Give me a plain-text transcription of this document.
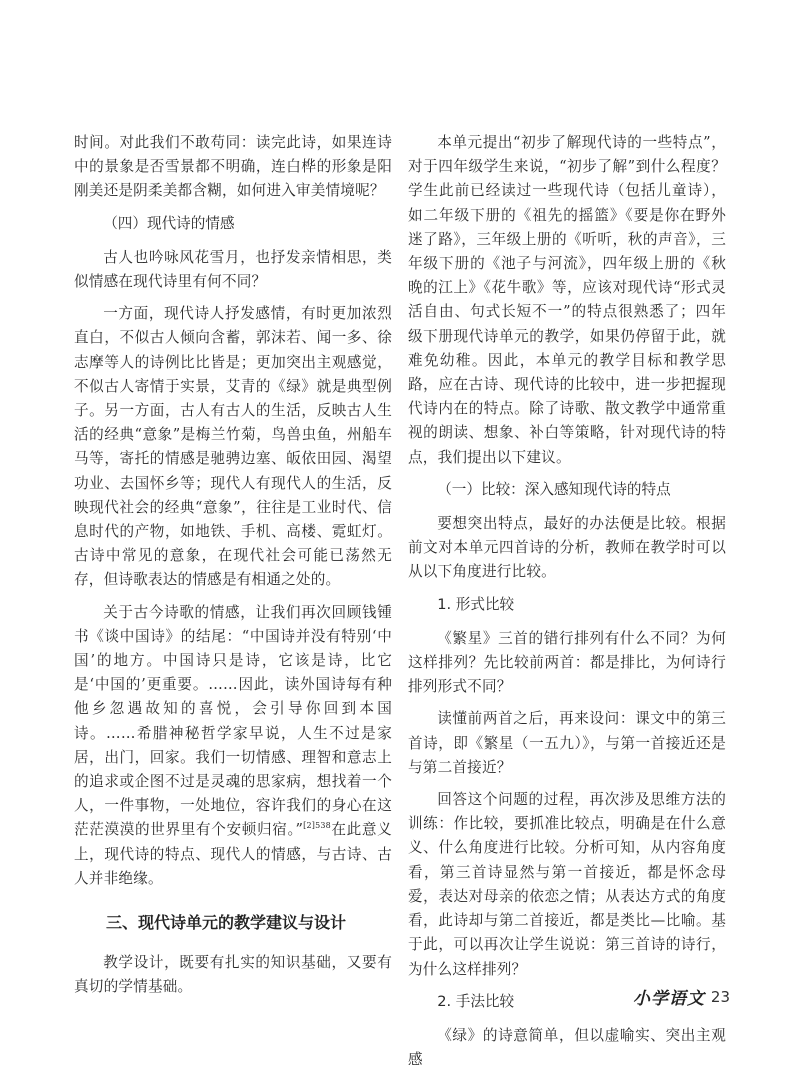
时间。对此我们不敢苟同：读完此诗，如果连诗中的景象是否雪景都不明确，连白桦的形象是阳刚美还是阴柔美都含糊，如何进入审美情境呢？

（四）现代诗的情感

古人也吟咏风花雪月，也抒发亲情相思，类似情感在现代诗里有何不同？

一方面，现代诗人抒发感情，有时更加浓烈直白，不似古人倾向含蓄，郭沫若、闻一多、徐志摩等人的诗例比比皆是；更加突出主观感觉，不似古人寄情于实景，艾青的《绿》就是典型例子。另一方面，古人有古人的生活，反映古人生活的经典“意象”是梅兰竹菊，鸟兽虫鱼，州船车马等，寄托的情感是驰骋边塞、皈依田园、渴望功业、去国怀乡等；现代人有现代人的生活，反映现代社会的经典“意象”，往往是工业时代、信息时代的产物，如地铁、手机、高楼、霓虹灯。古诗中常见的意象，在现代社会可能已荡然无存，但诗歌表达的情感是有相通之处的。

关于古今诗歌的情感，让我们再次回顾钱锺书《谈中国诗》的结尾：“中国诗并没有特别‘中国’的地方。中国诗只是诗，它该是诗，比它是‘中国的’更重要。……因此，读外国诗每有种他乡忽遇故知的喜悦，会引导你回到本国诗。……希腊神秘哲学家早说，人生不过是家居，出门，回家。我们一切情感、理智和意志上的追求或企图不过是灵魂的思家病，想找着一个人，一件事物，一处地位，容许我们的身心在这茫茫漠漠的世界里有个安顿归宿。”$^{[2]538}$在此意义上，现代诗的特点、现代人的情感，与古诗、古人并非绝缘。

三、现代诗单元的教学建议与设计

教学设计，既要有扎实的知识基础，又要有真切的学情基础。

本单元提出“初步了解现代诗的一些特点”，对于四年级学生来说，“初步了解”到什么程度？学生此前已经读过一些现代诗（包括儿童诗），如二年级下册的《祖先的摇篮》《要是你在野外迷了路》，三年级上册的《听听，秋的声音》，三年级下册的《池子与河流》，四年级上册的《秋晚的江上》《花牛歌》等，应该对现代诗“形式灵活自由、句式长短不一”的特点很熟悉了；四年级下册现代诗单元的教学，如果仍停留于此，就难免幼稚。因此，本单元的教学目标和教学思路，应在古诗、现代诗的比较中，进一步把握现代诗内在的特点。除了诗歌、散文教学中通常重视的朗读、想象、补白等策略，针对现代诗的特点，我们提出以下建议。

（一）比较：深入感知现代诗的特点

要想突出特点，最好的办法便是比较。根据前文对本单元四首诗的分析，教师在教学时可以从以下角度进行比较。

1. 形式比较

《繁星》三首的错行排列有什么不同？为何这样排列？先比较前两首：都是排比，为何诗行排列形式不同？

读懂前两首之后，再来设问：课文中的第三首诗，即《繁星（一五九）》，与第一首接近还是与第二首接近？

回答这个问题的过程，再次涉及思维方法的训练：作比较，要抓准比较点，明确是在什么意义、什么角度进行比较。分析可知，从内容角度看，第三首诗显然与第一首接近，都是怀念母爱，表达对母亲的依恋之情；从表达方式的角度看，此诗却与第二首接近，都是类比—比喻。基于此，可以再次让学生说说：第三首诗的诗行，为什么这样排列？

2. 手法比较

《绿》的诗意简单，但以虚喻实、突出主观感

小学语文 23
